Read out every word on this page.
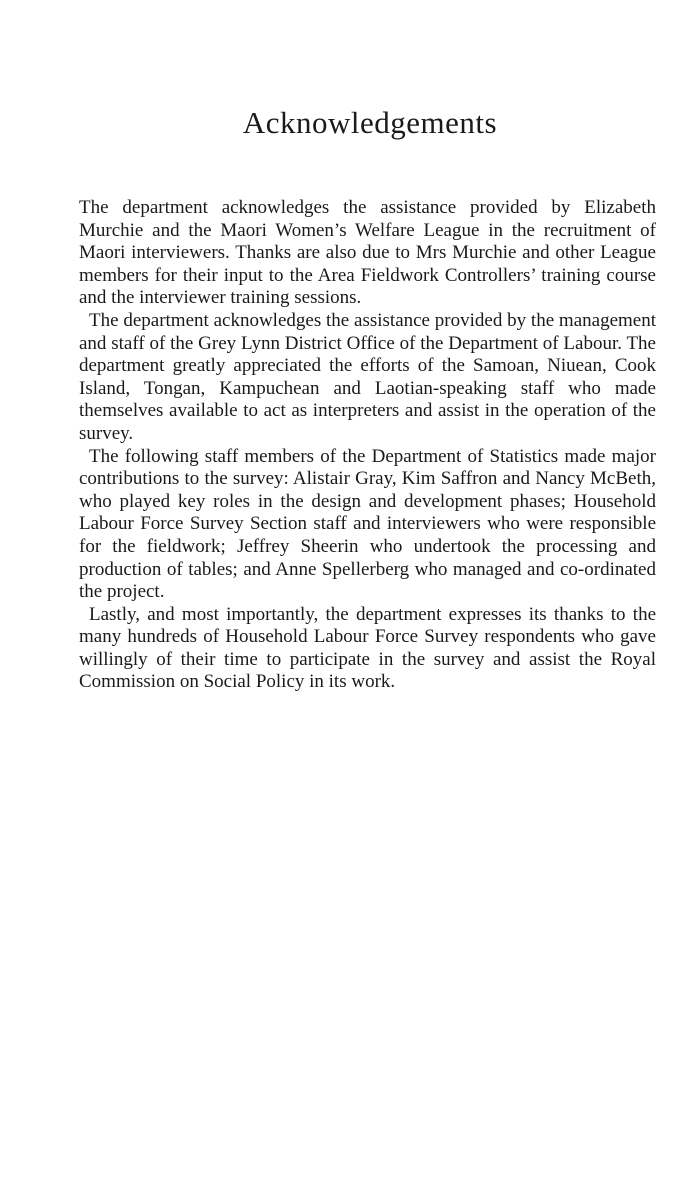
Acknowledgements

The department acknowledges the assistance provided by Elizabeth Murchie and the Maori Women’s Welfare League in the recruitment of Maori interviewers. Thanks are also due to Mrs Murchie and other League members for their input to the Area Fieldwork Controllers’ training course and the interviewer training sessions.

The department acknowledges the assistance provided by the management and staff of the Grey Lynn District Office of the Department of Labour. The department greatly appreciated the efforts of the Samoan, Niuean, Cook Island, Tongan, Kampuchean and Laotian-speaking staff who made themselves available to act as interpreters and assist in the operation of the survey.

The following staff members of the Department of Statistics made major contributions to the survey: Alistair Gray, Kim Saffron and Nancy McBeth, who played key roles in the design and development phases; Household Labour Force Survey Section staff and interviewers who were responsible for the fieldwork; Jeffrey Sheerin who undertook the processing and production of tables; and Anne Spellerberg who managed and co-ordinated the project.

Lastly, and most importantly, the department expresses its thanks to the many hundreds of Household Labour Force Survey respondents who gave willingly of their time to participate in the survey and assist the Royal Commission on Social Policy in its work.
